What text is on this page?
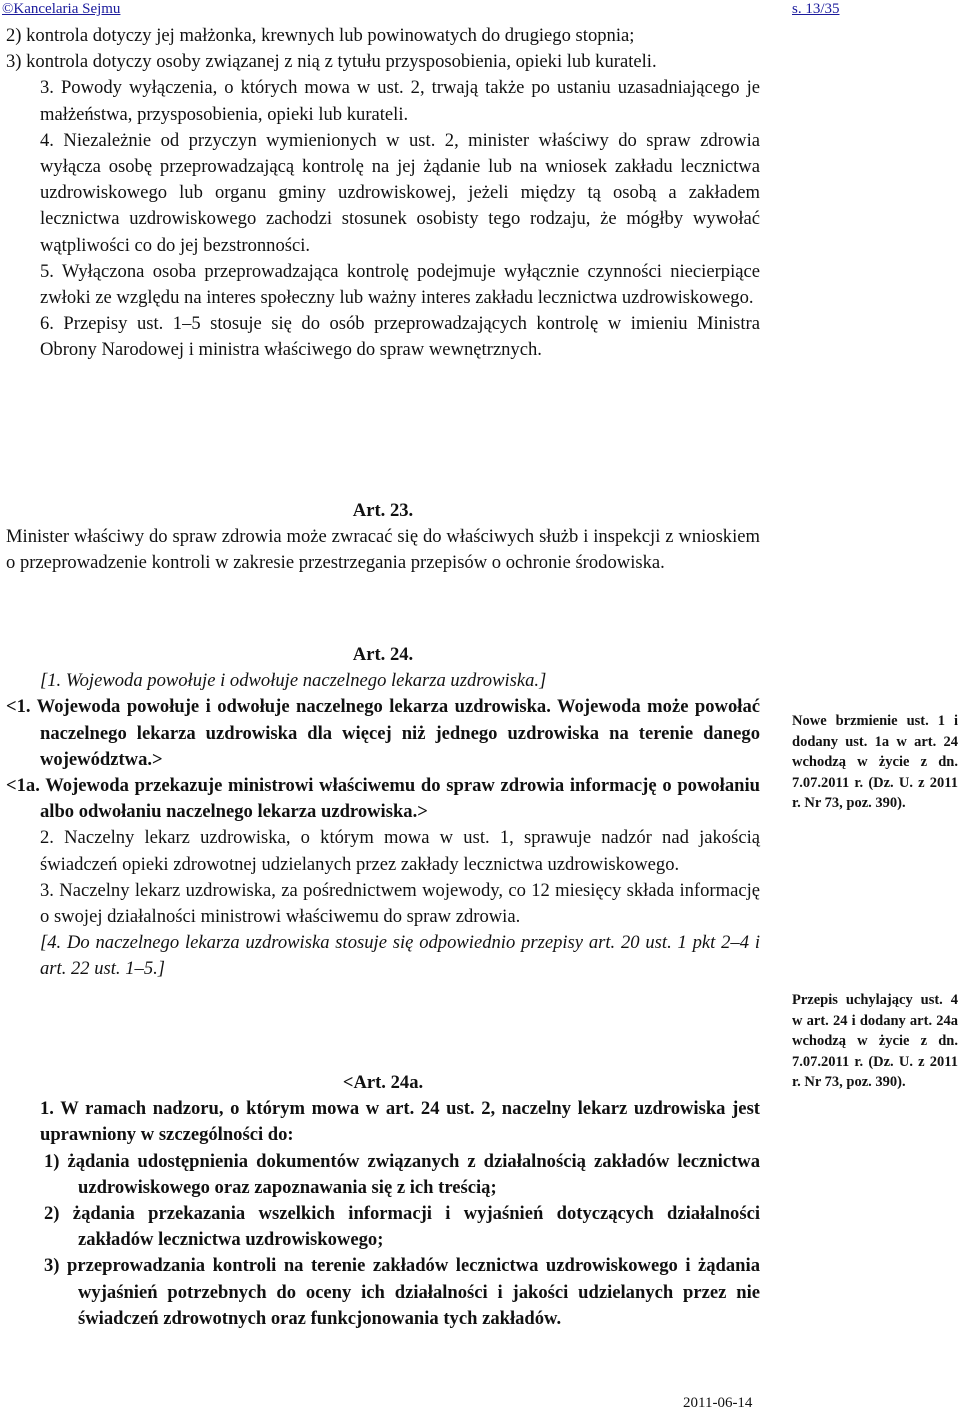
©Kancelaria Sejmu	s. 13/35

2) kontrola dotyczy jej małżonka, krewnych lub powinowatych do drugiego stopnia;

3) kontrola dotyczy osoby związanej z nią z tytułu przysposobienia, opieki lub kurateli.

3. Powody wyłączenia, o których mowa w ust. 2, trwają także po ustaniu uzasadniającego je małżeństwa, przysposobienia, opieki lub kurateli.

4. Niezależnie od przyczyn wymienionych w ust. 2, minister właściwy do spraw zdrowia wyłącza osobę przeprowadzającą kontrolę na jej żądanie lub na wniosek zakładu lecznictwa uzdrowiskowego lub organu gminy uzdrowiskowej, jeżeli między tą osobą a zakładem lecznictwa uzdrowiskowego zachodzi stosunek osobisty tego rodzaju, że mógłby wywołać wątpliwości co do jej bezstronności.

5. Wyłączona osoba przeprowadzająca kontrolę podejmuje wyłącznie czynności niecierpiące zwłoki ze względu na interes społeczny lub ważny interes zakładu lecznictwa uzdrowiskowego.

6. Przepisy ust. 1–5 stosuje się do osób przeprowadzających kontrolę w imieniu Ministra Obrony Narodowej i ministra właściwego do spraw wewnętrznych.

Art. 23.

Minister właściwy do spraw zdrowia może zwracać się do właściwych służb i inspekcji z wnioskiem o przeprowadzenie kontroli w zakresie przestrzegania przepisów o ochronie środowiska.

Art. 24.

[1. Wojewoda powołuje i odwołuje naczelnego lekarza uzdrowiska.]

<1. Wojewoda powołuje i odwołuje naczelnego lekarza uzdrowiska. Wojewoda może powołać naczelnego lekarza uzdrowiska dla więcej niż jednego uzdrowiska na terenie danego województwa.>

<1a. Wojewoda przekazuje ministrowi właściwemu do spraw zdrowia informację o powołaniu albo odwołaniu naczelnego lekarza uzdrowiska.>

2. Naczelny lekarz uzdrowiska, o którym mowa w ust. 1, sprawuje nadzór nad jakością świadczeń opieki zdrowotnej udzielanych przez zakłady lecznictwa uzdrowiskowego.

3. Naczelny lekarz uzdrowiska, za pośrednictwem wojewody, co 12 miesięcy składa informację o swojej działalności ministrowi właściwemu do spraw zdrowia.

[4. Do naczelnego lekarza uzdrowiska stosuje się odpowiednio przepisy art. 20 ust. 1 pkt 2–4 i art. 22 ust. 1–5.]

<Art. 24a.

1. W ramach nadzoru, o którym mowa w art. 24 ust. 2, naczelny lekarz uzdrowiska jest uprawniony w szczególności do:

1) żądania udostępnienia dokumentów związanych z działalnością zakładów lecznictwa uzdrowiskowego oraz zapoznawania się z ich treścią;

2) żądania przekazania wszelkich informacji i wyjaśnień dotyczących działalności zakładów lecznictwa uzdrowiskowego;

3) przeprowadzania kontroli na terenie zakładów lecznictwa uzdrowiskowego i żądania wyjaśnień potrzebnych do oceny ich działalności i jakości udzielanych przez nie świadczeń zdrowotnych oraz funkcjonowania tych zakładów.

Nowe brzmienie ust. 1 i dodany ust. 1a w art. 24 wchodzą w życie z dn. 7.07.2011 r. (Dz. U. z 2011 r. Nr 73, poz. 390).
Przepis uchylający ust. 4 w art. 24 i dodany art. 24a wchodzą w życie z dn. 7.07.2011 r. (Dz. U. z 2011 r. Nr 73, poz. 390).
2011-06-14
